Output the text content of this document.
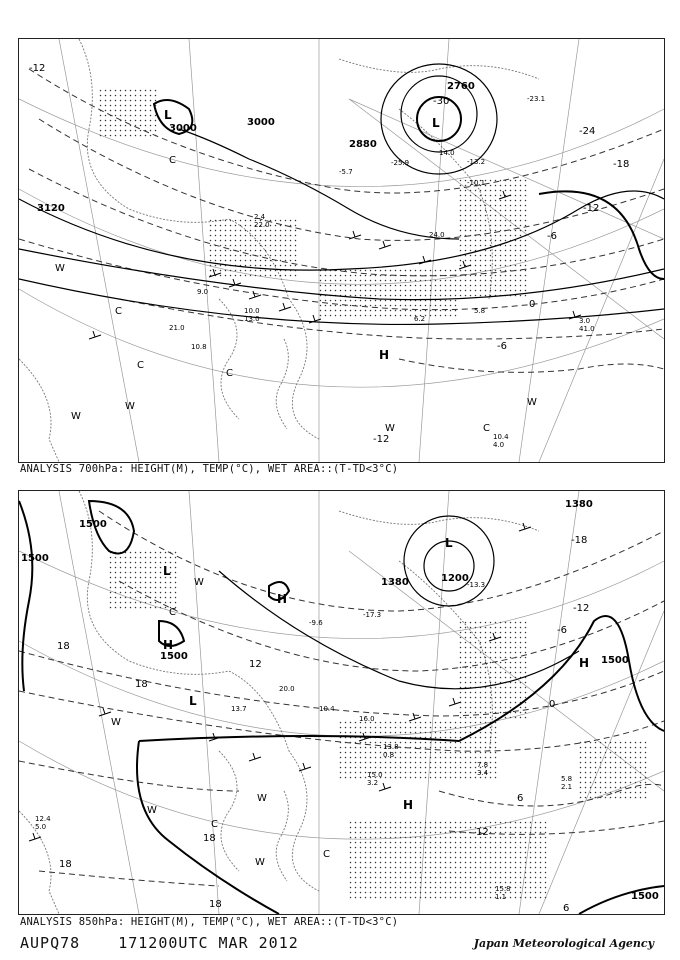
3000
3000
2880
3120
2760
-12
-30
-24
-18
-12
-6
0
-6
-12
L
L
H
W
W
W
W
W
C
C
C
C
C
9.0
21.0
10.8
10.0
13.0	6.2
5.8
3.0
41.0
10.4
4.0
24.0
2.4
22.0
-13.2
-10.1
-5.7
-25.9
-23.1
14.0
ANALYSIS 700hPa: HEIGHT(M), TEMP(°C), WET AREA::(T-TD<3°C)
1500
1500
1500	1500
1500
1380
1380	1200
-18
-12
-6
0
6
12
18
18
18
18
18
12
6
L
L
L
H
H
H
H
W
W
W
W
W
C
C
C
12.4
5.0
15.0
3.2
15.8
1.1
5.8
2.1
7.8
3.4
13.8
0.8
16.0
10.4
20.0
13.7
-17.3
-9.6
-13.3
ANALYSIS 850hPa: HEIGHT(M), TEMP(°C), WET AREA::(T-TD<3°C)
AUPQ78	171200UTC MAR 2012	Japan Meteorological Agency
